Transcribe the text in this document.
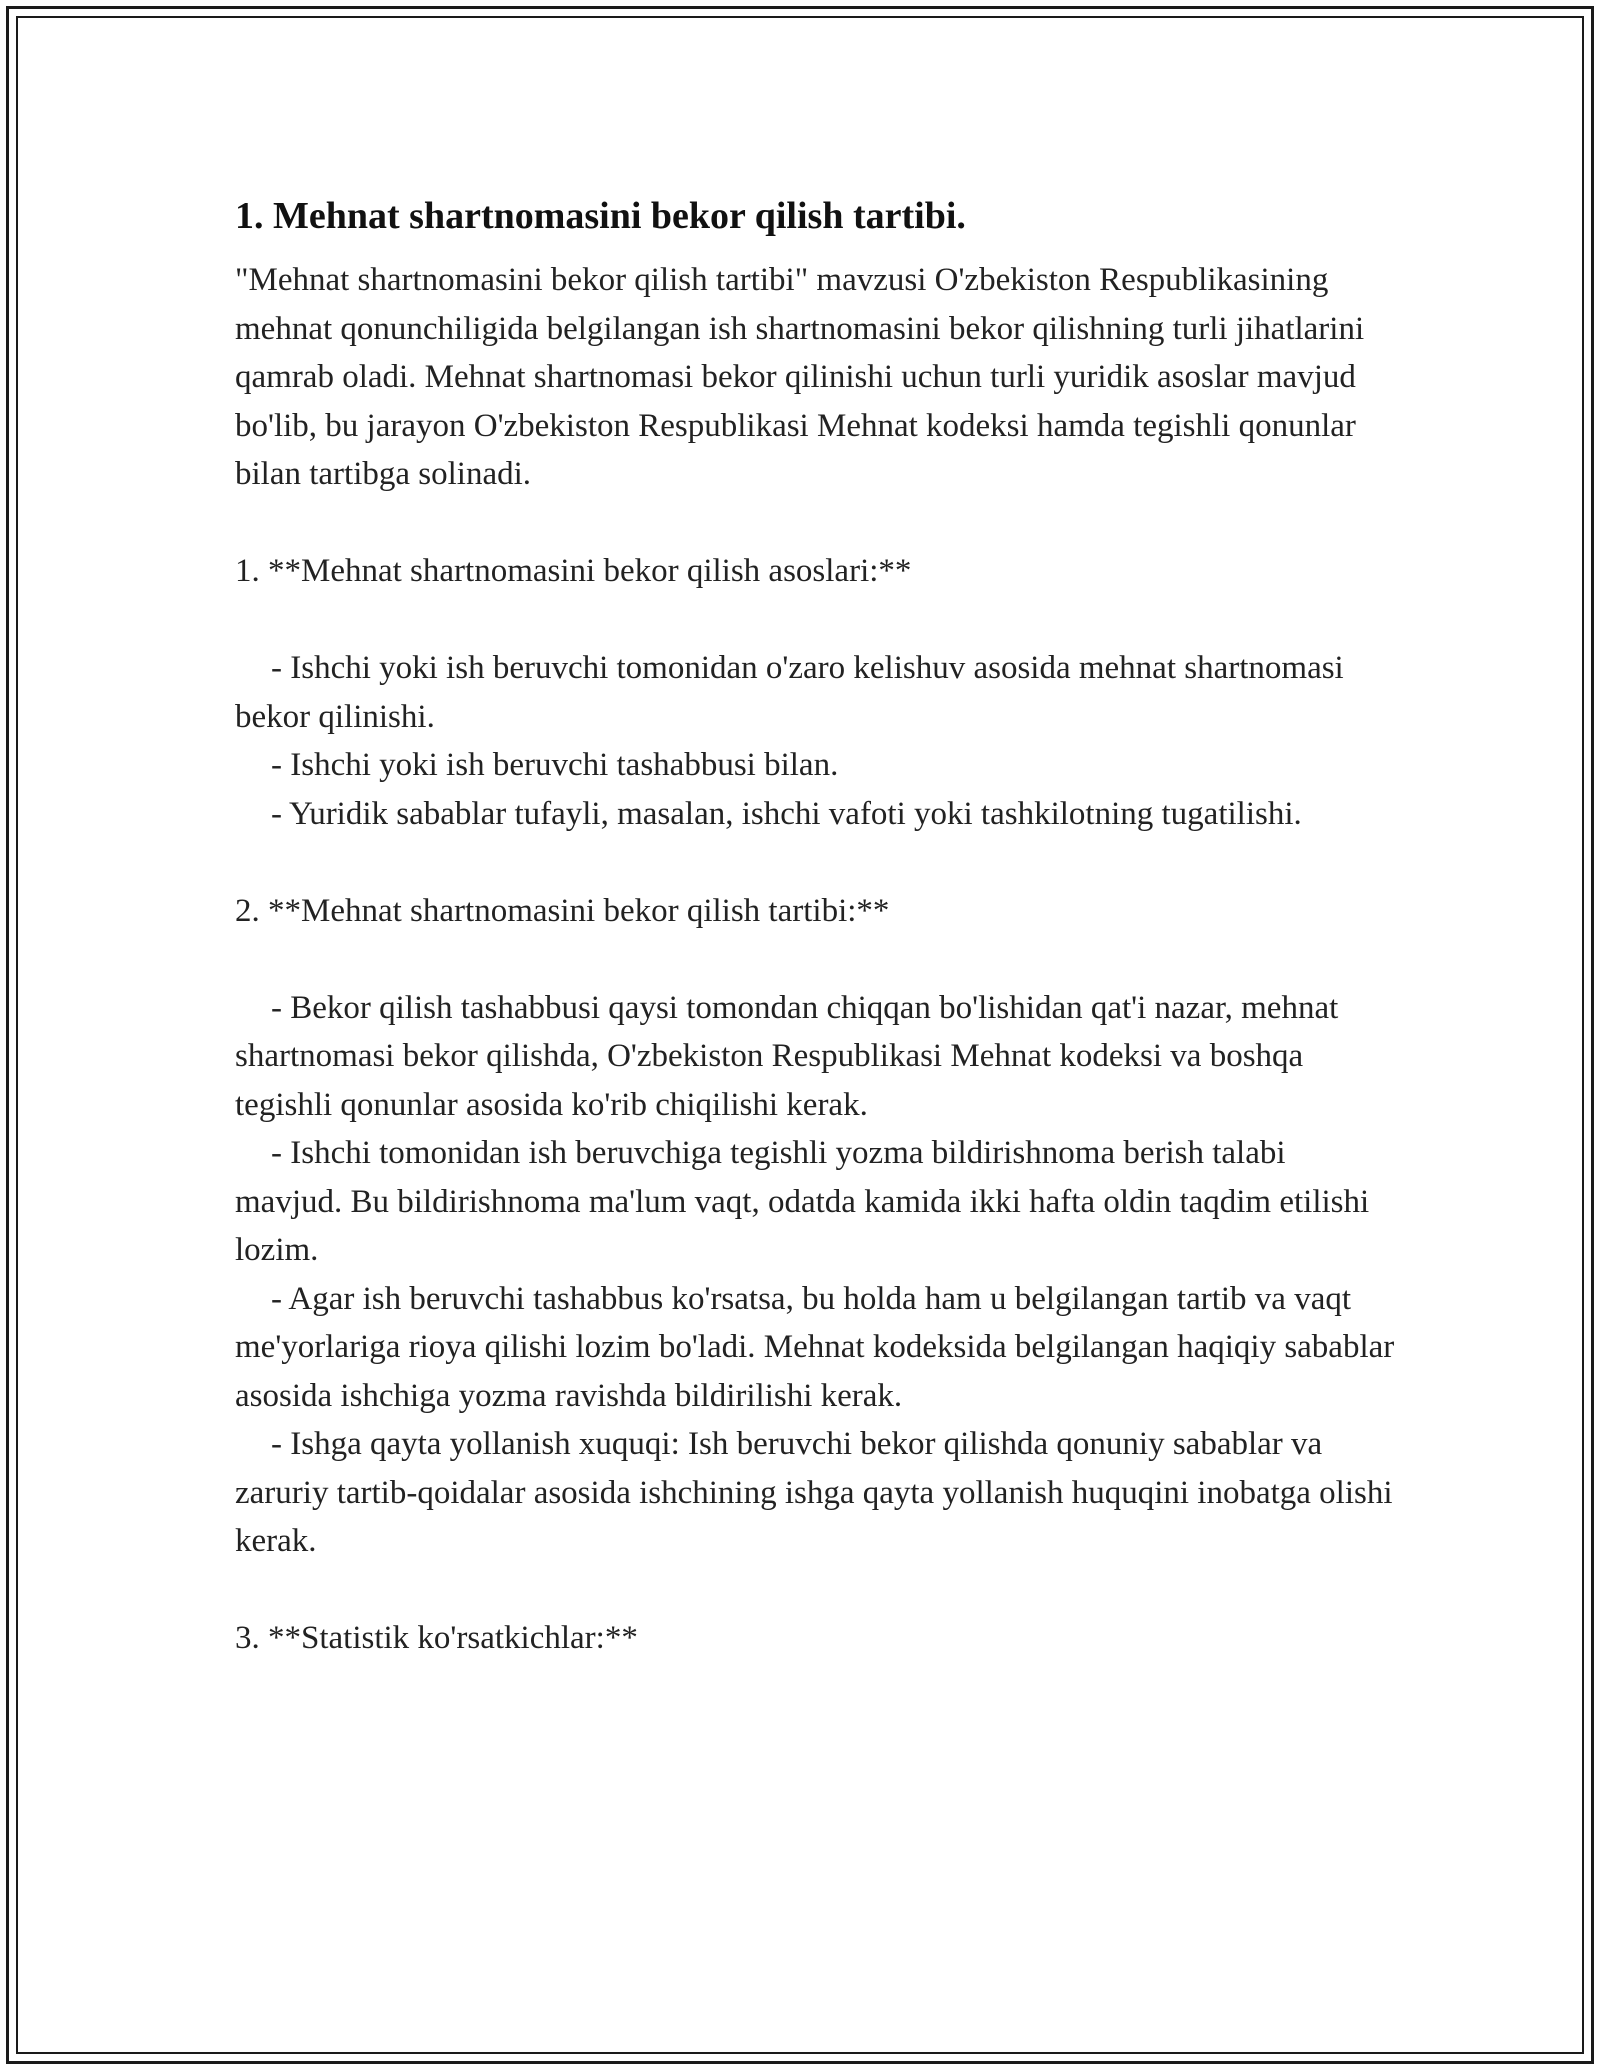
1. Mehnat shartnomasini bekor qilish tartibi.

"Mehnat shartnomasini bekor qilish tartibi" mavzusi O'zbekiston Respublikasining mehnat qonunchiligida belgilangan ish shartnomasini bekor qilishning turli jihatlarini qamrab oladi. Mehnat shartnomasi bekor qilinishi uchun turli yuridik asoslar mavjud bo'lib, bu jarayon O'zbekiston Respublikasi Mehnat kodeksi hamda tegishli qonunlar bilan tartibga solinadi.

1. **Mehnat shartnomasini bekor qilish asoslari:**

- Ishchi yoki ish beruvchi tomonidan o'zaro kelishuv asosida mehnat shartnomasi bekor qilinishi.

- Ishchi yoki ish beruvchi tashabbusi bilan.

- Yuridik sabablar tufayli, masalan, ishchi vafoti yoki tashkilotning tugatilishi.

2. **Mehnat shartnomasini bekor qilish tartibi:**

- Bekor qilish tashabbusi qaysi tomondan chiqqan bo'lishidan qat'i nazar, mehnat shartnomasi bekor qilishda, O'zbekiston Respublikasi Mehnat kodeksi va boshqa tegishli qonunlar asosida ko'rib chiqilishi kerak.

- Ishchi tomonidan ish beruvchiga tegishli yozma bildirishnoma berish talabi mavjud. Bu bildirishnoma ma'lum vaqt, odatda kamida ikki hafta oldin taqdim etilishi lozim.

- Agar ish beruvchi tashabbus ko'rsatsa, bu holda ham u belgilangan tartib va vaqt me'yorlariga rioya qilishi lozim bo'ladi. Mehnat kodeksida belgilangan haqiqiy sabablar asosida ishchiga yozma ravishda bildirilishi kerak.

- Ishga qayta yollanish xuquqi: Ish beruvchi bekor qilishda qonuniy sabablar va zaruriy tartib-qoidalar asosida ishchining ishga qayta yollanish huquqini inobatga olishi kerak.

3. **Statistik ko'rsatkichlar:**
